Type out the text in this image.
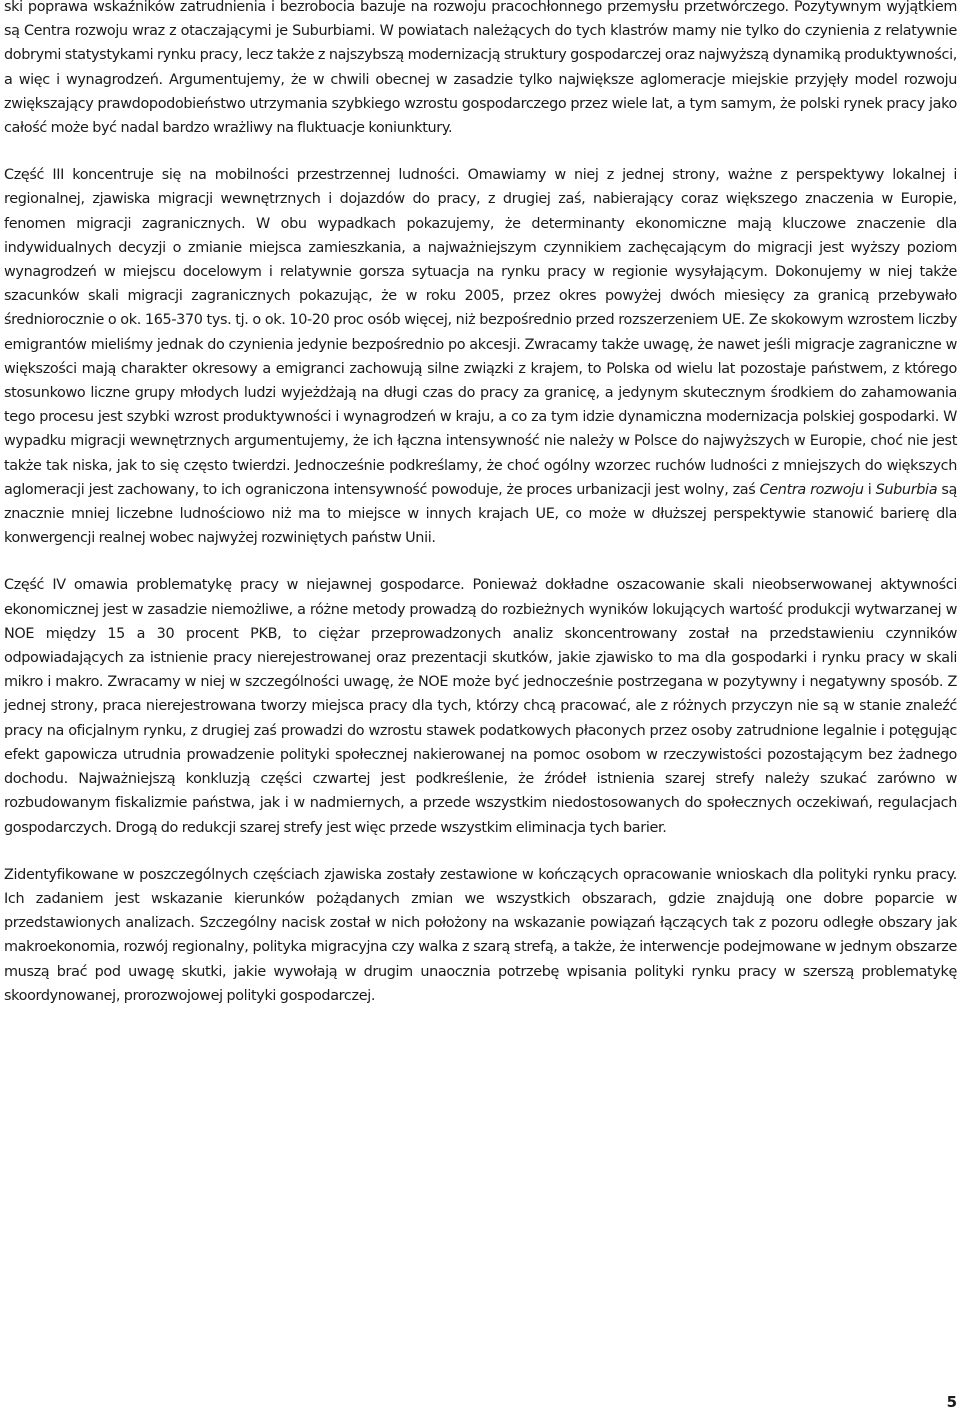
ski poprawa wskaźników zatrudnienia i bezrobocia bazuje na rozwoju pracochłonnego przemysłu przetwórczego. Pozytywnym wyjątkiem są Centra rozwoju wraz z otaczającymi je Suburbiami. W powiatach należących do tych klastrów mamy nie tylko do czynienia z relatywnie dobrymi statystykami rynku pracy, lecz także z najszybszą modernizacją struktury gospodarczej oraz najwyższą dynamiką produktywności, a więc i wynagrodzeń. Argumentujemy, że w chwili obecnej w zasadzie tylko największe aglomeracje miejskie przyjęły model rozwoju zwiększający prawdopodobieństwo utrzymania szybkiego wzrostu gospodarczego przez wiele lat, a tym samym, że polski rynek pracy jako całość może być nadal bardzo wrażliwy na fluktuacje koniunktury.

Część III koncentruje się na mobilności przestrzennej ludności. Omawiamy w niej z jednej strony, ważne z perspektywy lokalnej i regionalnej, zjawiska migracji wewnętrznych i dojazdów do pracy, z drugiej zaś, nabierający coraz większego znaczenia w Europie, fenomen migracji zagranicznych. W obu wypadkach pokazujemy, że determinanty ekonomiczne mają kluczowe znaczenie dla indywidualnych decyzji o zmianie miejsca zamieszkania, a najważniejszym czynnikiem zachęcającym do migracji jest wyższy poziom wynagrodzeń w miejscu docelowym i relatywnie gorsza sytuacja na rynku pracy w regionie wysyłającym. Dokonujemy w niej także szacunków skali migracji zagranicznych pokazując, że w roku 2005, przez okres powyżej dwóch miesięcy za granicą przebywało średniorocznie o ok. 165-370 tys. tj. o ok. 10-20 proc osób więcej, niż bezpośrednio przed rozszerzeniem UE. Ze skokowym wzrostem liczby emigrantów mieliśmy jednak do czynienia jedynie bezpośrednio po akcesji. Zwracamy także uwagę, że nawet jeśli migracje zagraniczne w większości mają charakter okresowy a emigranci zachowują silne związki z krajem, to Polska od wielu lat pozostaje państwem, z którego stosunkowo liczne grupy młodych ludzi wyjeżdżają na długi czas do pracy za granicę, a jedynym skutecznym środkiem do zahamowania tego procesu jest szybki wzrost produktywności i wynagrodzeń w kraju, a co za tym idzie dynamiczna modernizacja polskiej gospodarki. W wypadku migracji wewnętrznych argumentujemy, że ich łączna intensywność nie należy w Polsce do najwyższych w Europie, choć nie jest także tak niska, jak to się często twierdzi. Jednocześnie podkreślamy, że choć ogólny wzorzec ruchów ludności z mniejszych do większych aglomeracji jest zachowany, to ich ograniczona intensywność powoduje, że proces urbanizacji jest wolny, zaś Centra rozwoju i Suburbia są znacznie mniej liczebne ludnościowo niż ma to miejsce w innych krajach UE, co może w dłuższej perspektywie stanowić barierę dla konwergencji realnej wobec najwyżej rozwiniętych państw Unii.

Część IV omawia problematykę pracy w niejawnej gospodarce. Ponieważ dokładne oszacowanie skali nieobserwowanej aktywności ekonomicznej jest w zasadzie niemożliwe, a różne metody prowadzą do rozbieżnych wyników lokujących wartość produkcji wytwarzanej w NOE między 15 a 30 procent PKB, to ciężar przeprowadzonych analiz skoncentrowany został na przedstawieniu czynników odpowiadających za istnienie pracy nierejestrowanej oraz prezentacji skutków, jakie zjawisko to ma dla gospodarki i rynku pracy w skali mikro i makro. Zwracamy w niej w szczególności uwagę, że NOE może być jednocześnie postrzegana w pozytywny i negatywny sposób. Z jednej strony, praca nierejestrowana tworzy miejsca pracy dla tych, którzy chcą pracować, ale z różnych przyczyn nie są w stanie znaleźć pracy na oficjalnym rynku, z drugiej zaś prowadzi do wzrostu stawek podatkowych płaconych przez osoby zatrudnione legalnie i potęgując efekt gapowicza utrudnia prowadzenie polityki społecznej nakierowanej na pomoc osobom w rzeczywistości pozostającym bez żadnego dochodu. Najważniejszą konkluzją części czwartej jest podkreślenie, że źródeł istnienia szarej strefy należy szukać zarówno w rozbudowanym fiskalizmie państwa, jak i w nadmiernych, a przede wszystkim niedostosowanych do społecznych oczekiwań, regulacjach gospodarczych. Drogą do redukcji szarej strefy jest więc przede wszystkim eliminacja tych barier.

Zidentyfikowane w poszczególnych częściach zjawiska zostały zestawione w kończących opracowanie wnioskach dla polityki rynku pracy. Ich zadaniem jest wskazanie kierunków pożądanych zmian we wszystkich obszarach, gdzie znajdują one dobre poparcie w przedstawionych analizach. Szczególny nacisk został w nich położony na wskazanie powiązań łączących tak z pozoru odległe obszary jak makroekonomia, rozwój regionalny, polityka migracyjna czy walka z szarą strefą, a także, że interwencje podejmowane w jednym obszarze muszą brać pod uwagę skutki, jakie wywołają w drugim unaocznia potrzebę wpisania polityki rynku pracy w szerszą problematykę skoordynowanej, prorozwojowej polityki gospodarczej.

5
